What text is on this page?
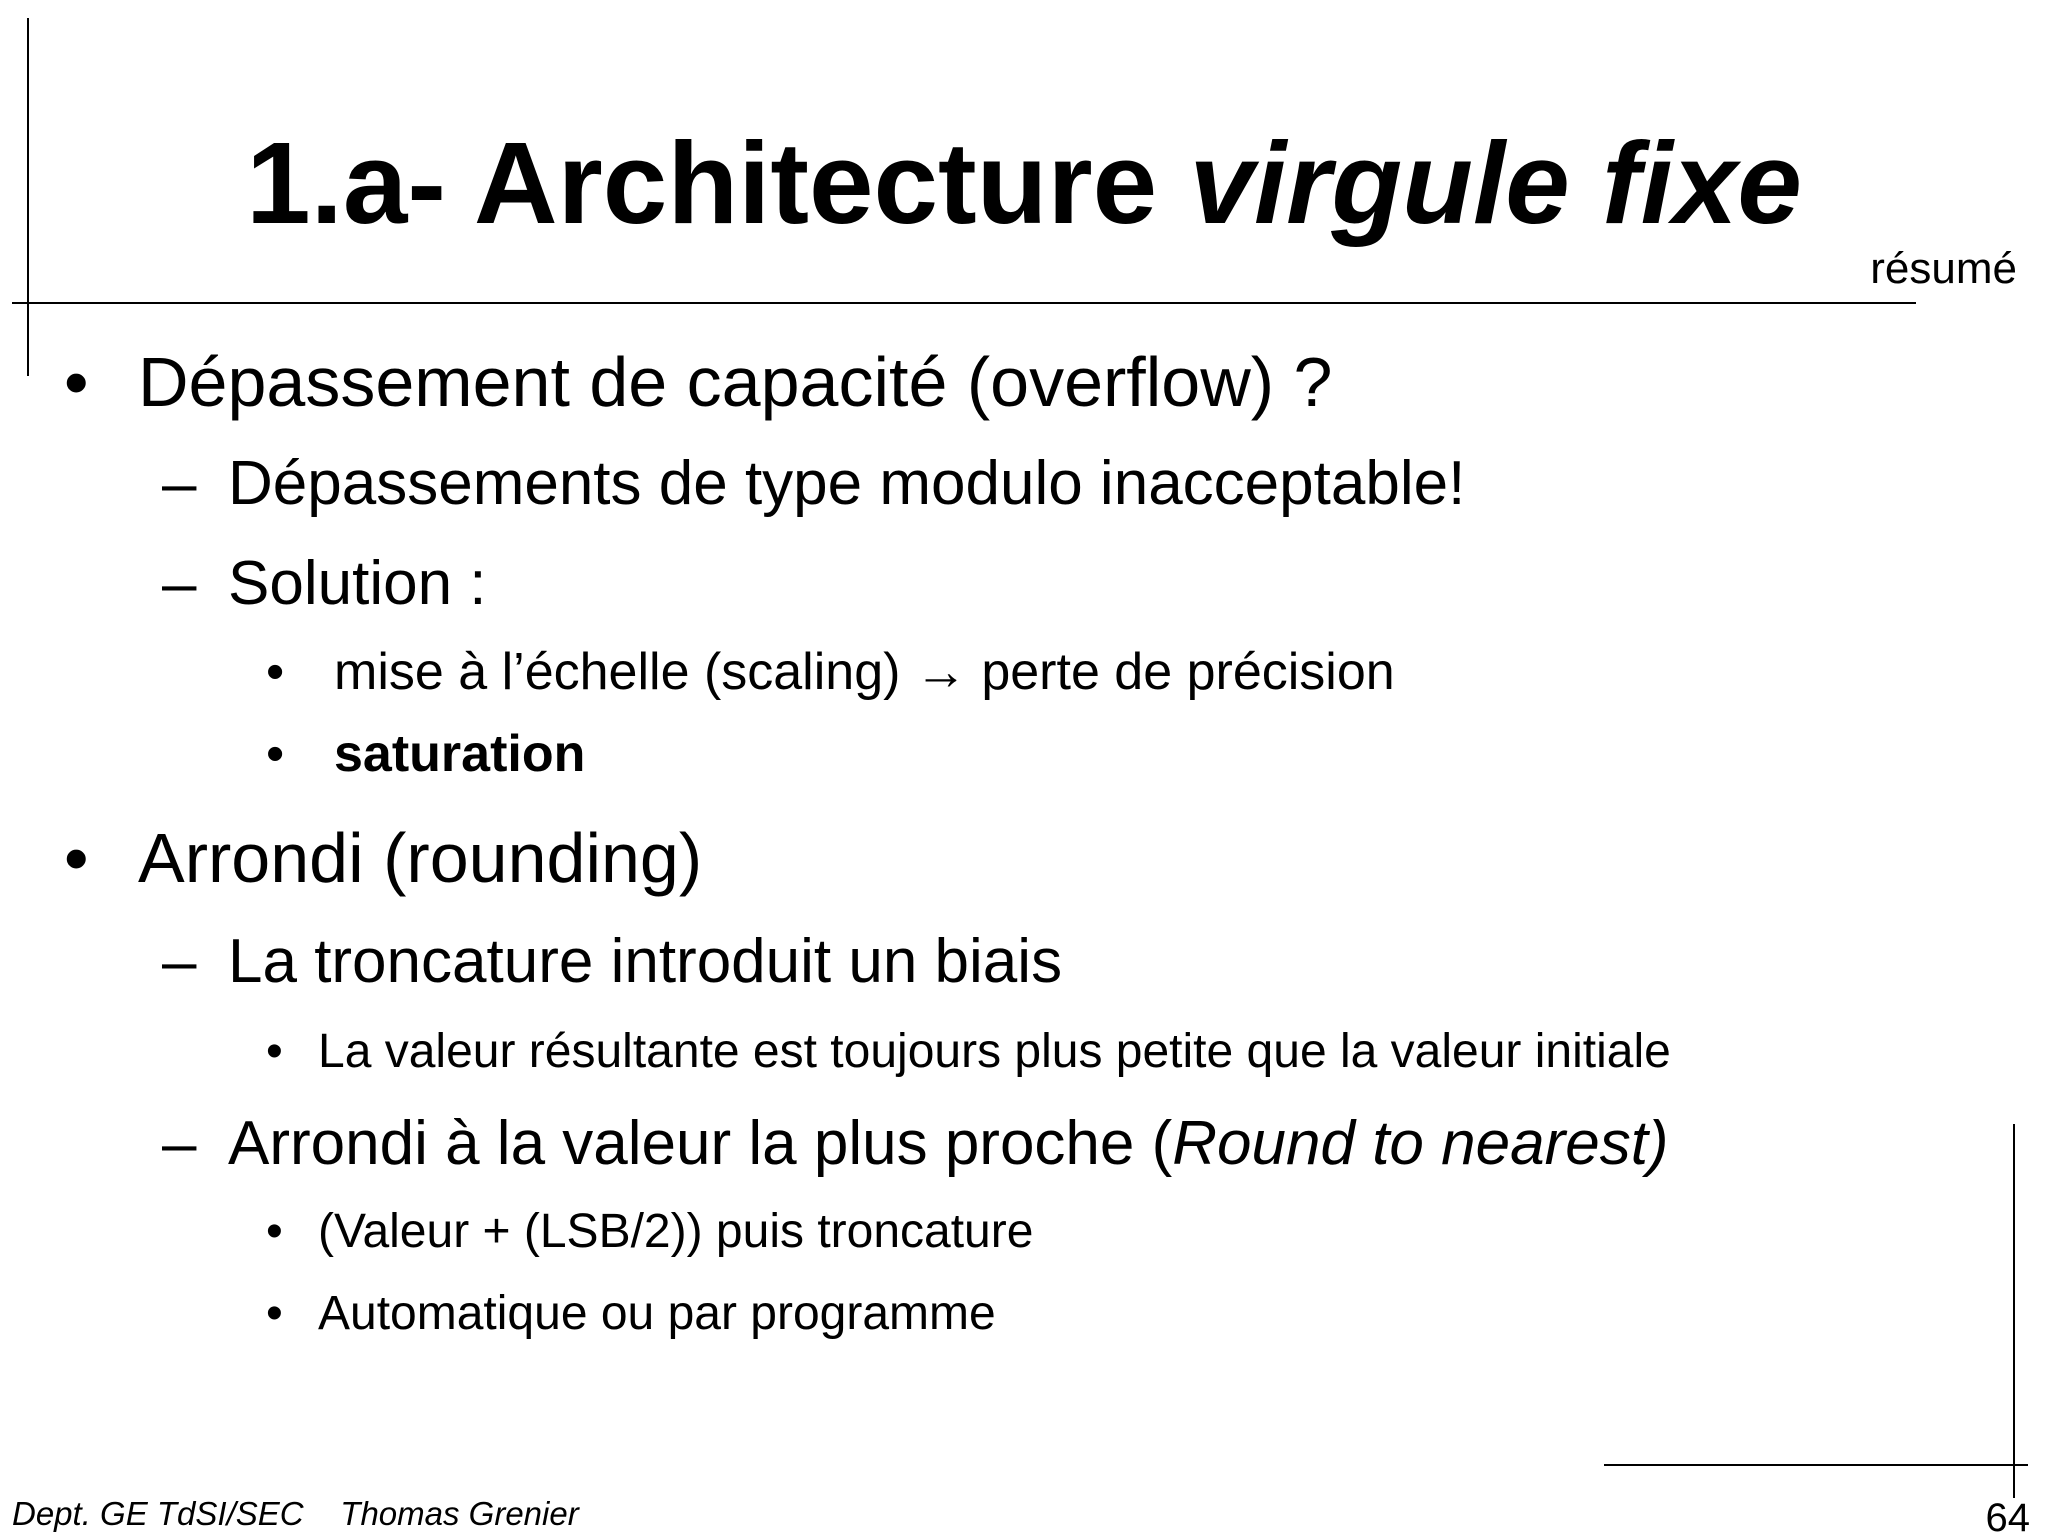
1.a- Architecture virgule fixe
résumé
• Dépassement de capacité (overflow) ?
– Dépassements de type modulo inacceptable!
– Solution :
• mise à l’échelle (scaling) → perte de précision
• saturation
• Arrondi (rounding)
– La troncature introduit un biais
• La valeur résultante est toujours plus petite que la valeur initiale
– Arrondi à la valeur la plus proche (Round to nearest)
• (Valeur + (LSB/2)) puis troncature
• Automatique ou par programme
Dept. GE TdSI/SEC Thomas Grenier	64
